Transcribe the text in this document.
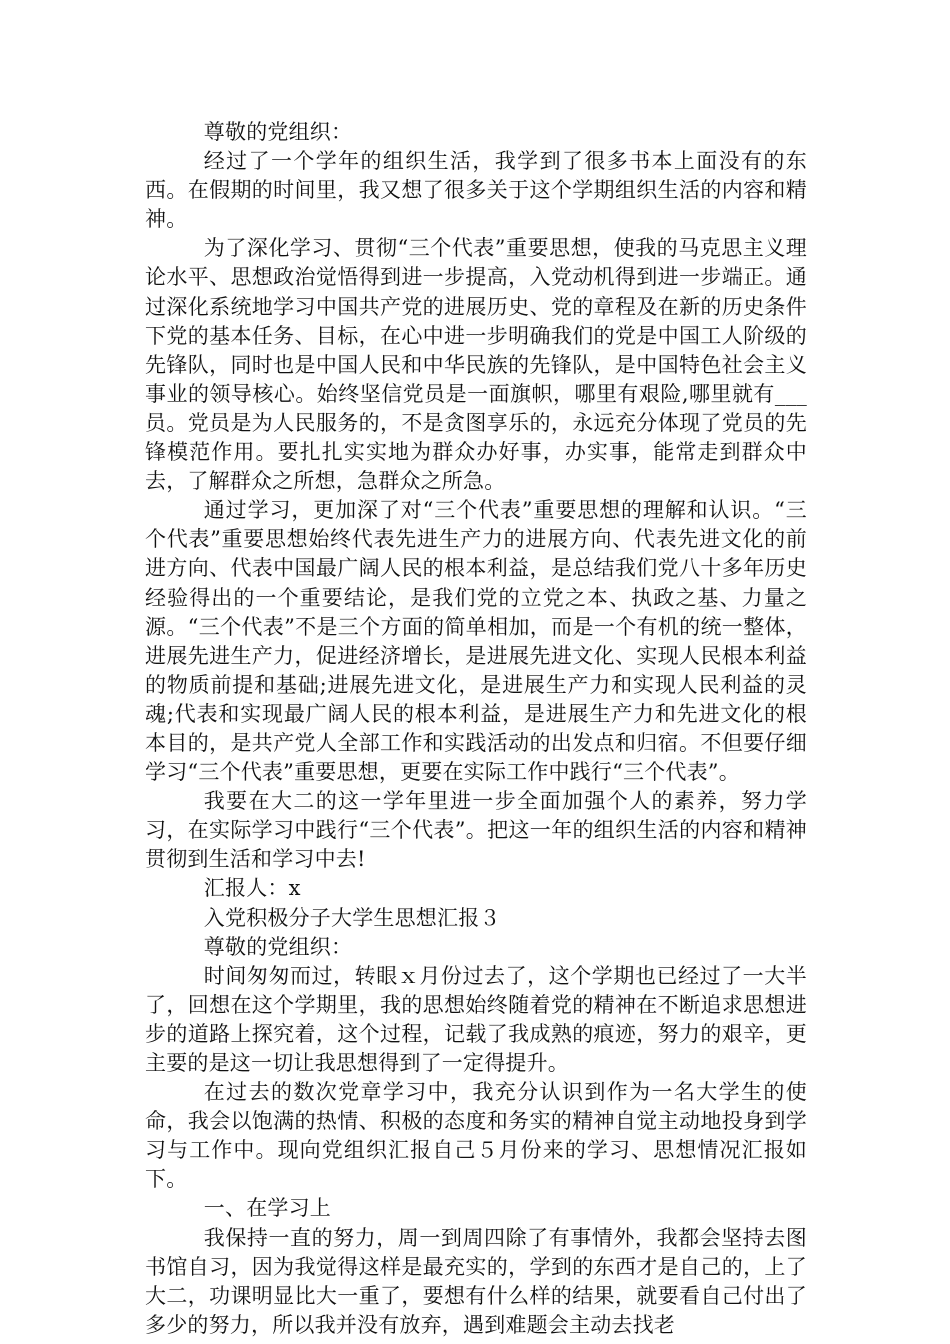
尊敬的党组织：

经过了一个学年的组织生活，我学到了很多书本上面没有的东西。在假期的时间里，我又想了很多关于这个学期组织生活的内容和精神。

为了深化学习、贯彻“三个代表”重要思想，使我的马克思主义理论水平、思想政治觉悟得到进一步提高，入党动机得到进一步端正。通过深化系统地学习中国共产党的进展历史、党的章程及在新的历史条件下党的基本任务、目标，在心中进一步明确我们的党是中国工人阶级的先锋队，同时也是中国人民和中华民族的先锋队，是中国特色社会主义事业的领导核心。始终坚信党员是一面旗帜，哪里有艰险,哪里就有___员。党员是为人民服务的，不是贪图享乐的，永远充分体现了党员的先锋模范作用。要扎扎实实地为群众办好事，办实事，能常走到群众中去，了解群众之所想，急群众之所急。

通过学习，更加深了对“三个代表”重要思想的理解和认识。“三个代表”重要思想始终代表先进生产力的进展方向、代表先进文化的前进方向、代表中国最广阔人民的根本利益，是总结我们党八十多年历史经验得出的一个重要结论，是我们党的立党之本、执政之基、力量之源。“三个代表”不是三个方面的简单相加，而是一个有机的统一整体，进展先进生产力，促进经济增长，是进展先进文化、实现人民根本利益的物质前提和基础;进展先进文化，是进展生产力和实现人民利益的灵魂;代表和实现最广阔人民的根本利益，是进展生产力和先进文化的根本目的，是共产党人全部工作和实践活动的出发点和归宿。不但要仔细学习“三个代表”重要思想，更要在实际工作中践行“三个代表”。

我要在大二的这一学年里进一步全面加强个人的素养，努力学习，在实际学习中践行“三个代表”。把这一年的组织生活的内容和精神贯彻到生活和学习中去!

汇报人：x

入党积极分子大学生思想汇报３

尊敬的党组织：

时间匆匆而过，转眼ｘ月份过去了，这个学期也已经过了一大半了，回想在这个学期里，我的思想始终随着党的精神在不断追求思想进步的道路上探究着，这个过程，记载了我成熟的痕迹，努力的艰辛，更主要的是这一切让我思想得到了一定得提升。

在过去的数次党章学习中，我充分认识到作为一名大学生的使命，我会以饱满的热情、积极的态度和务实的精神自觉主动地投身到学习与工作中。现向党组织汇报自己５月份来的学习、思想情况汇报如下。

一、在学习上

我保持一直的努力，周一到周四除了有事情外，我都会坚持去图书馆自习，因为我觉得这样是最充实的，学到的东西才是自己的，上了大二，功课明显比大一重了，要想有什么样的结果，就要看自己付出了多少的努力，所以我并没有放弃，遇到难题会主动去找老
